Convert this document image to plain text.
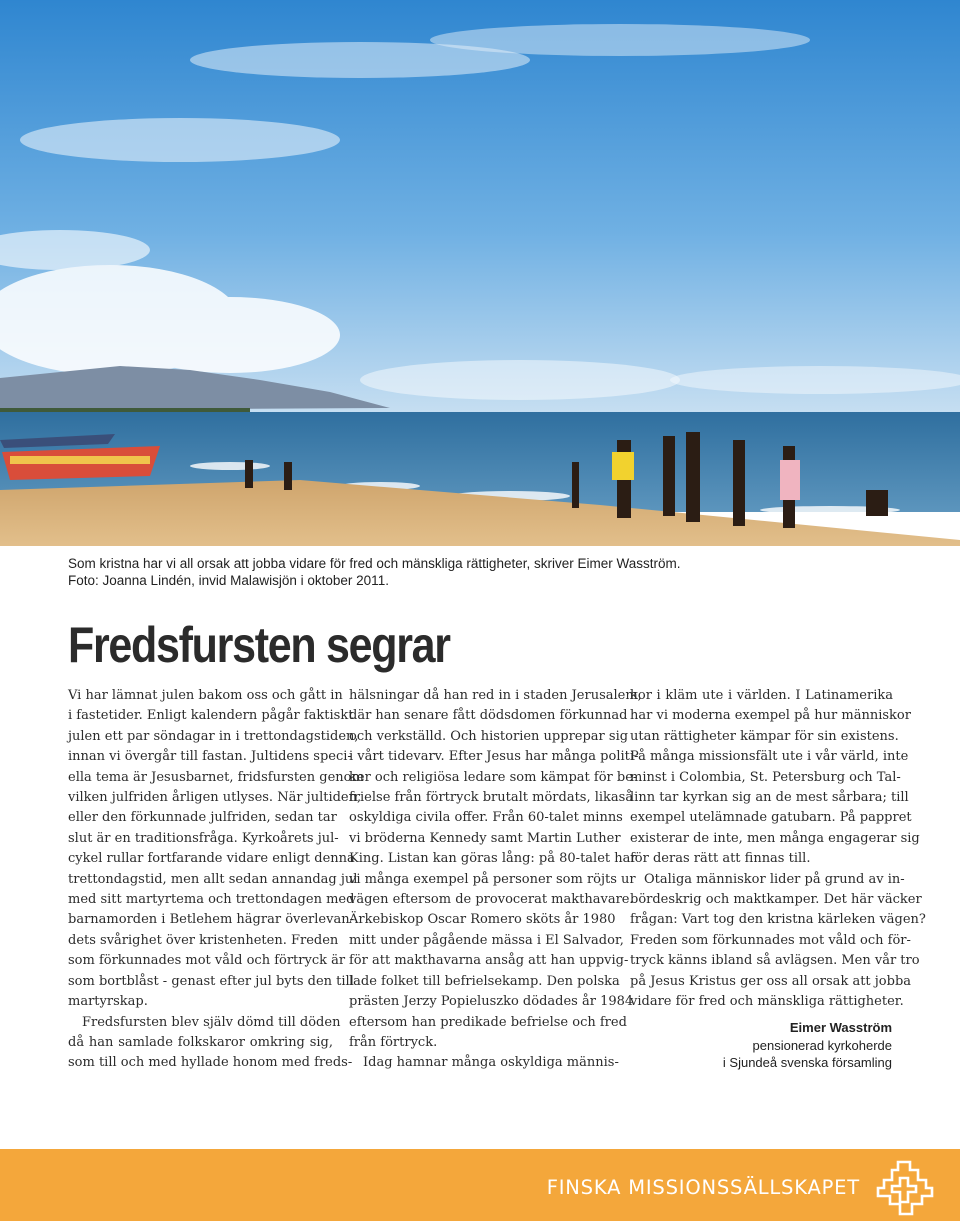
Som kristna har vi all orsak att jobba vidare för fred och mänskliga rättigheter, skriver Eimer Wasström.
Foto: Joanna Lindén, invid Malawisjön i oktober 2011.
Fredsfursten segrar
Vi har lämnat julen bakom oss och gått in
i fastetider. Enligt kalendern pågår faktiskt
julen ett par söndagar in i trettondagstiden,
innan vi övergår till fastan. Jultidens speci-
ella tema är Jesusbarnet, fridsfursten genom
vilken julfriden årligen utlyses. När jultiden,
eller den förkunnade julfriden, sedan tar
slut är en traditionsfråga. Kyrkoårets jul-
cykel rullar fortfarande vidare enligt denna
trettondagstid, men allt sedan annandag jul
med sitt martyrtema och trettondagen med
barnamorden i Betlehem hägrar överlevan-
dets svårighet över kristenheten. Freden
som förkunnades mot våld och förtryck är
som bortblåst - genast efter jul byts den till
martyrskap.
Fredsfursten blev själv dömd till döden
då han samlade folkskaror omkring sig,
som till och med hyllade honom med freds-
hälsningar då han red in i staden Jerusalem,
där han senare fått dödsdomen förkunnad
och verkställd. Och historien upprepar sig
i vårt tidevarv. Efter Jesus har många politi-
ker och religiösa ledare som kämpat för be-
frielse från förtryck brutalt mördats, likaså
oskyldiga civila offer. Från 60-talet minns
vi bröderna Kennedy samt Martin Luther
King. Listan kan göras lång: på 80-talet har
vi många exempel på personer som röjts ur
vägen eftersom de provocerat makthavare.
Ärkebiskop Oscar Romero sköts år 1980
mitt under pågående mässa i El Salvador,
för att makthavarna ansåg att han uppvig-
lade folket till befrielsekamp. Den polska
prästen Jerzy Popieluszko dödades år 1984
eftersom han predikade befrielse och fred
från förtryck.
Idag hamnar många oskyldiga männis-
kor i kläm ute i världen. I Latinamerika
har vi moderna exempel på hur människor
utan rättigheter kämpar för sin existens.
På många missionsfält ute i vår värld, inte
minst i Colombia, St. Petersburg och Tal-
linn tar kyrkan sig an de mest sårbara; till
exempel utelämnade gatubarn. På pappret
existerar de inte, men många engagerar sig
för deras rätt att finnas till.
Otaliga människor lider på grund av in-
bördeskrig och maktkamper. Det här väcker
frågan: Vart tog den kristna kärleken vägen?
Freden som förkunnades mot våld och för-
tryck känns ibland så avlägsen. Men vår tro
på Jesus Kristus ger oss all orsak att jobba
vidare för fred och mänskliga rättigheter.
Eimer Wasström
pensionerad kyrkoherde
i Sjundeå svenska församling
FINSKA MISSIONSSÄLLSKAPET
